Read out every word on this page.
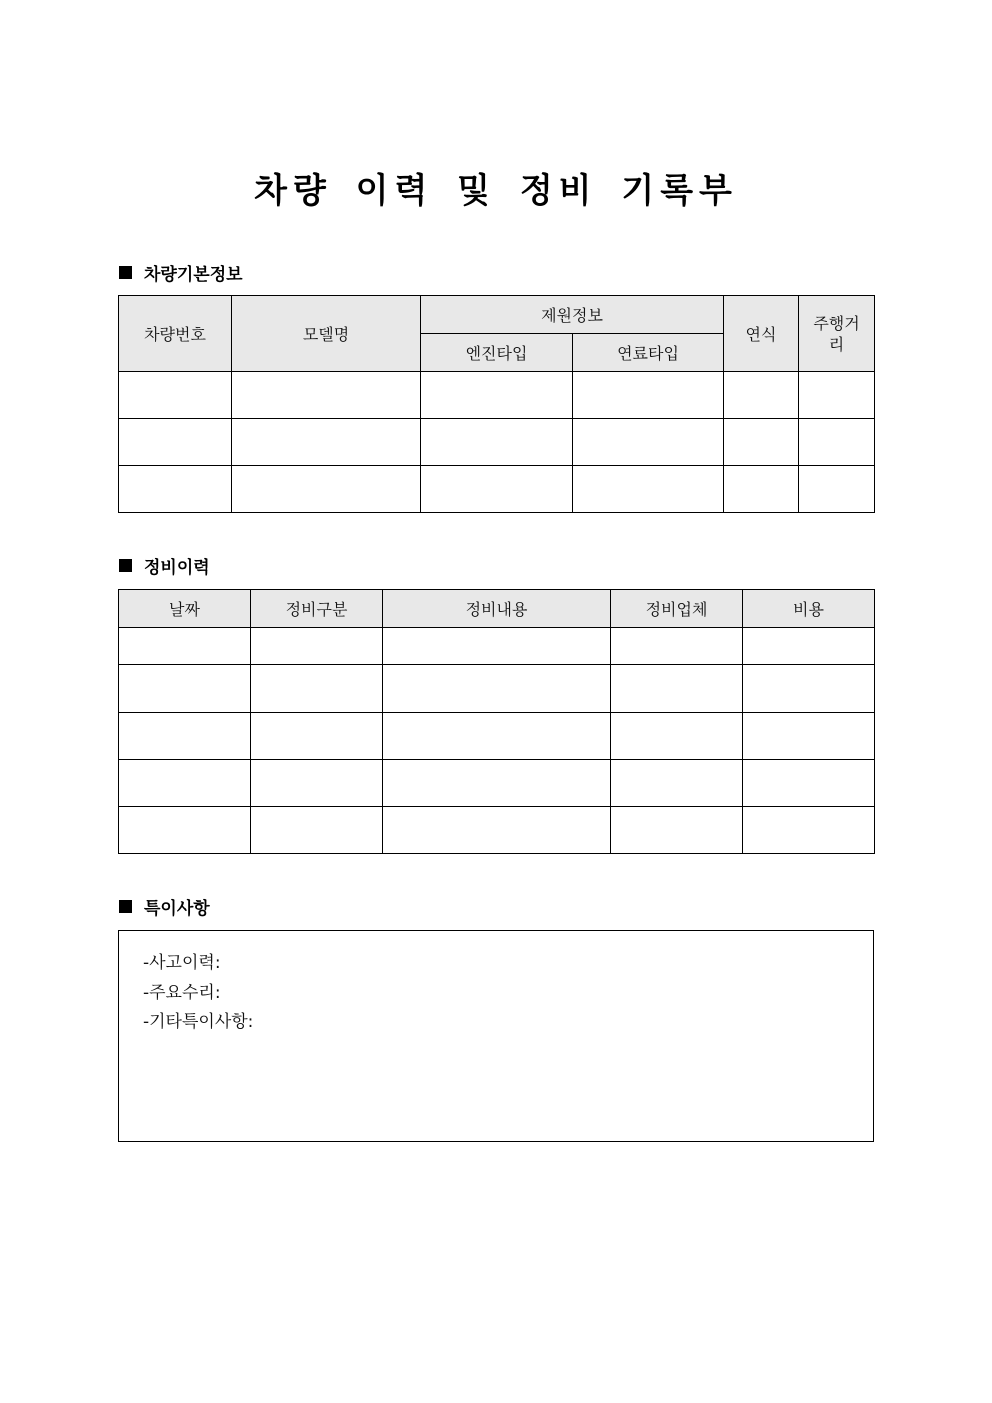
차량 이력 및 정비 기록부
차량기본정보
차량번호	모델명	제원정보		연식	주행거리
		엔진타입	연료타입		

정비이력
날짜	정비구분	정비내용	정비업체	비용

특이사항
-사고이력:
-주요수리:
-기타특이사항:
